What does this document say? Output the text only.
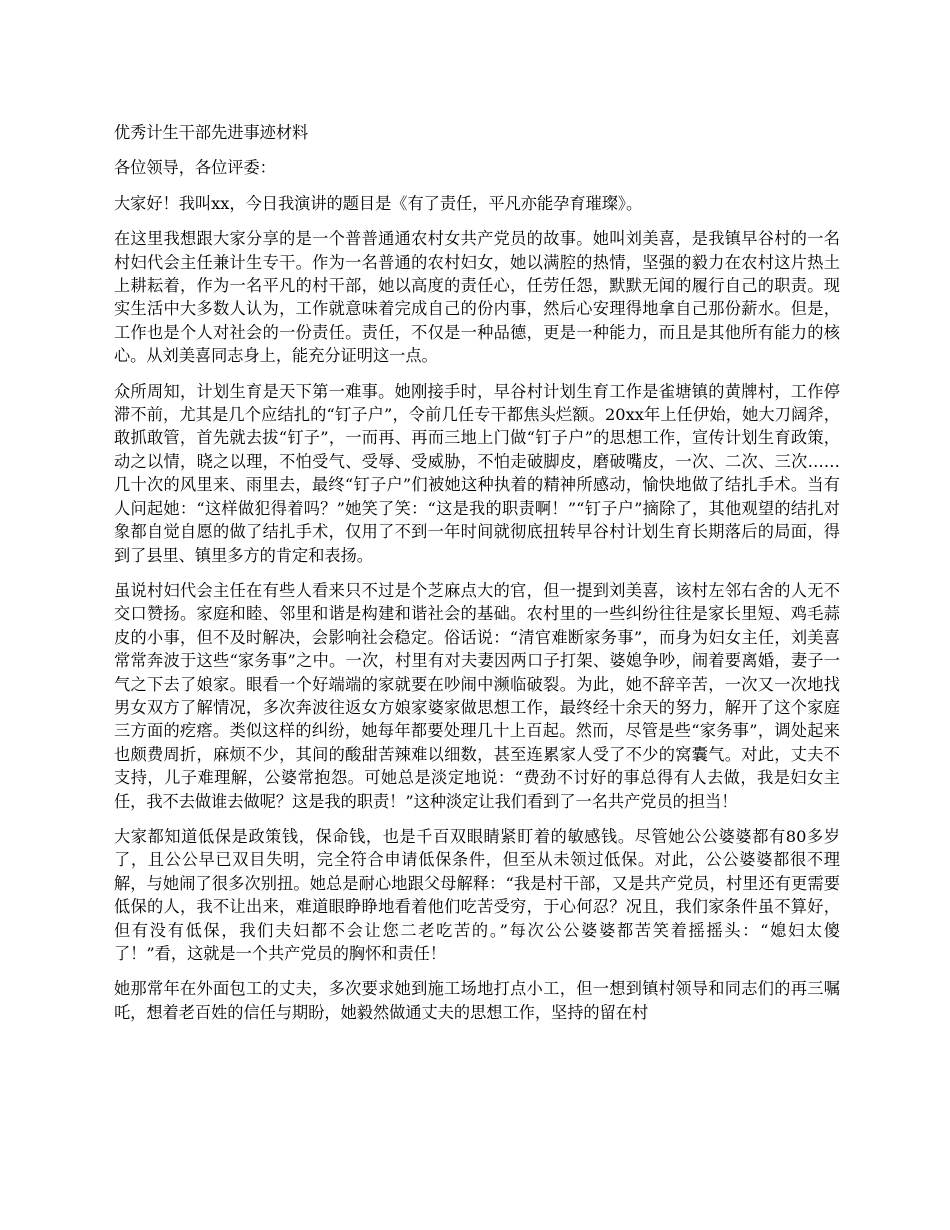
优秀计生干部先进事迹材料

各位领导，各位评委：

大家好！我叫xx，今日我演讲的题目是《有了责任，平凡亦能孕育璀璨》。

在这里我想跟大家分享的是一个普普通通农村女共产党员的故事。她叫刘美喜，是我镇早谷村的一名村妇代会主任兼计生专干。作为一名普通的农村妇女，她以满腔的热情，坚强的毅力在农村这片热土上耕耘着，作为一名平凡的村干部，她以高度的责任心，任劳任怨，默默无闻的履行自己的职责。现实生活中大多数人认为，工作就意味着完成自己的份内事，然后心安理得地拿自己那份薪水。但是，工作也是个人对社会的一份责任。责任，不仅是一种品德，更是一种能力，而且是其他所有能力的核心。从刘美喜同志身上，能充分证明这一点。

众所周知，计划生育是天下第一难事。她刚接手时，早谷村计划生育工作是雀塘镇的黄牌村，工作停滞不前，尤其是几个应结扎的“钉子户”，令前几任专干都焦头烂额。20xx年上任伊始，她大刀阔斧，敢抓敢管，首先就去拔“钉子”，一而再、再而三地上门做“钉子户”的思想工作，宣传计划生育政策，动之以情，晓之以理，不怕受气、受辱、受威胁，不怕走破脚皮，磨破嘴皮，一次、二次、三次……几十次的风里来、雨里去，最终“钉子户”们被她这种执着的精神所感动，愉快地做了结扎手术。当有人问起她：“这样做犯得着吗？”她笑了笑：“这是我的职责啊！”“钉子户”摘除了，其他观望的结扎对象都自觉自愿的做了结扎手术，仅用了不到一年时间就彻底扭转早谷村计划生育长期落后的局面，得到了县里、镇里多方的肯定和表扬。

虽说村妇代会主任在有些人看来只不过是个芝麻点大的官，但一提到刘美喜，该村左邻右舍的人无不交口赞扬。家庭和睦、邻里和谐是构建和谐社会的基础。农村里的一些纠纷往往是家长里短、鸡毛蒜皮的小事，但不及时解决，会影响社会稳定。俗话说：“清官难断家务事”，而身为妇女主任，刘美喜常常奔波于这些“家务事”之中。一次，村里有对夫妻因两口子打架、婆媳争吵，闹着要离婚，妻子一气之下去了娘家。眼看一个好端端的家就要在吵闹中濒临破裂。为此，她不辞辛苦，一次又一次地找男女双方了解情况，多次奔波往返女方娘家婆家做思想工作，最终经十余天的努力，解开了这个家庭三方面的疙瘩。类似这样的纠纷，她每年都要处理几十上百起。然而，尽管是些“家务事”，调处起来也颇费周折，麻烦不少，其间的酸甜苦辣难以细数，甚至连累家人受了不少的窝囊气。对此，丈夫不支持，儿子难理解，公婆常抱怨。可她总是淡定地说：“费劲不讨好的事总得有人去做，我是妇女主任，我不去做谁去做呢？这是我的职责！”这种淡定让我们看到了一名共产党员的担当！

大家都知道低保是政策钱，保命钱，也是千百双眼睛紧盯着的敏感钱。尽管她公公婆婆都有80多岁了，且公公早已双目失明，完全符合申请低保条件，但至从未领过低保。对此，公公婆婆都很不理解，与她闹了很多次别扭。她总是耐心地跟父母解释：“我是村干部，又是共产党员，村里还有更需要低保的人，我不让出来，难道眼睁睁地看着他们吃苦受穷，于心何忍？况且，我们家条件虽不算好，但有没有低保，我们夫妇都不会让您二老吃苦的。”每次公公婆婆都苦笑着摇摇头：“媳妇太傻了！”看，这就是一个共产党员的胸怀和责任！

她那常年在外面包工的丈夫，多次要求她到施工场地打点小工，但一想到镇村领导和同志们的再三嘱吒，想着老百姓的信任与期盼，她毅然做通丈夫的思想工作，坚持的留在村
